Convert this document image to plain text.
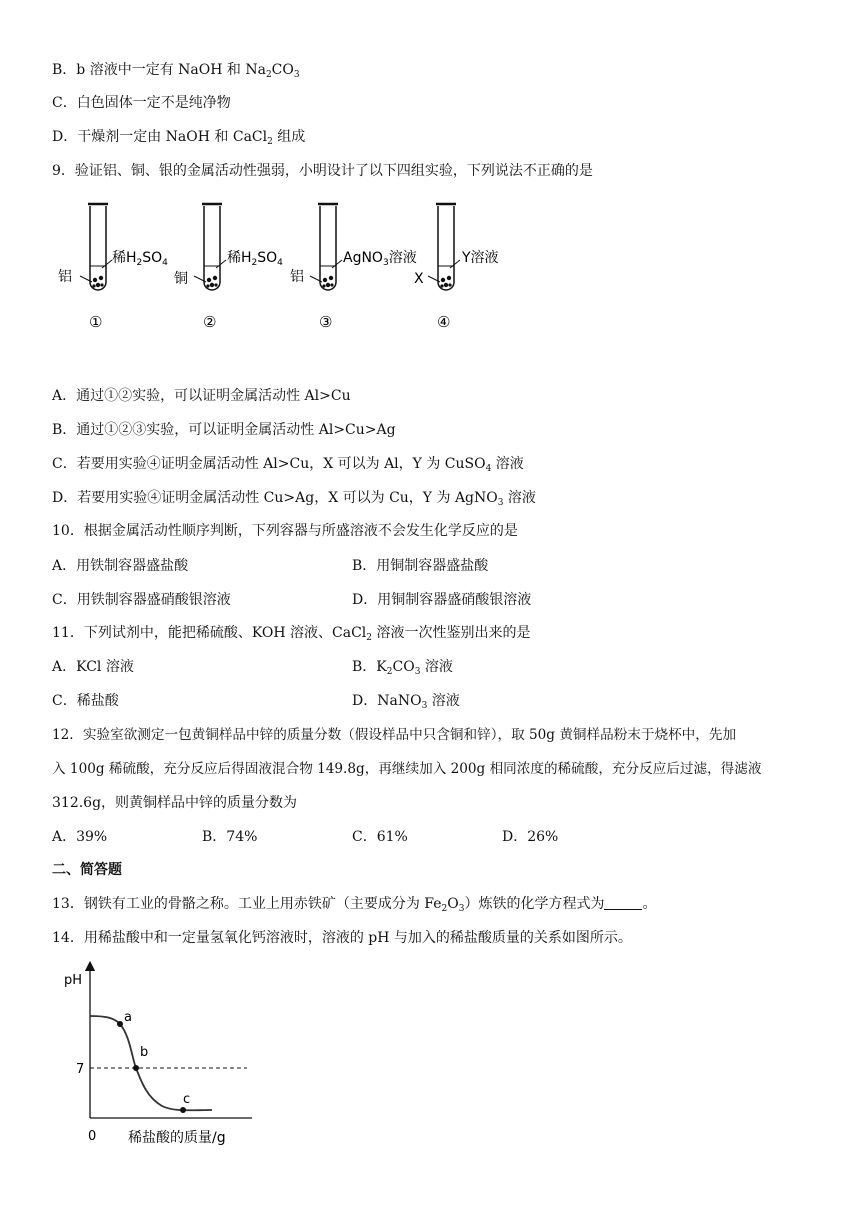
B．b 溶液中一定有 NaOH 和 $Na_2CO_3$
C．白色固体一定不是纯净物
D．干燥剂一定由 NaOH 和 CaCl$_2$ 组成
9．验证铝、铜、银的金属活动性强弱，小明设计了以下四组实验，下列说法不正确的是
铝
稀$H_2SO_4$
①
铜
稀$H_2SO_4$
②
铝
AgNO$_3$溶液
③
X
Y溶液
④
A．通过①②实验，可以证明金属活动性 Al>Cu
B．通过①②③实验，可以证明金属活动性 Al>Cu>Ag
C．若要用实验④证明金属活动性 Al>Cu，X 可以为 Al，Y 为 CuSO$_4$ 溶液
D．若要用实验④证明金属活动性 Cu>Ag，X 可以为 Cu，Y 为 AgNO$_3$ 溶液
10．根据金属活动性顺序判断，下列容器与所盛溶液不会发生化学反应的是
A．用铁制容器盛盐酸	B．用铜制容器盛盐酸
C．用铁制容器盛硝酸银溶液	D．用铜制容器盛硝酸银溶液
11．下列试剂中，能把稀硫酸、KOH 溶液、CaCl$_2$ 溶液一次性鉴别出来的是
A．KCl 溶液	B．$K_2CO_3$ 溶液
C．稀盐酸	D．NaNO$_3$ 溶液
12．实验室欲测定一包黄铜样品中锌的质量分数（假设样品中只含铜和锌），取 50g 黄铜样品粉末于烧杯中，先加
入 100g 稀硫酸，充分反应后得固液混合物 149.8g，再继续加入 200g 相同浓度的稀硫酸，充分反应后过滤，得滤液
312.6g，则黄铜样品中锌的质量分数为
A．39%	B．74%	C．61%	D．26%
二、简答题
13．钢铁有工业的骨骼之称。工业上用赤铁矿（主要成分为 $Fe_2O_3$）炼铁的化学方程式为	。
14．用稀盐酸中和一定量氢氧化钙溶液时，溶液的 pH 与加入的稀盐酸质量的关系如图所示。
a
b
c
pH
7
0 稀盐酸的质量/g
